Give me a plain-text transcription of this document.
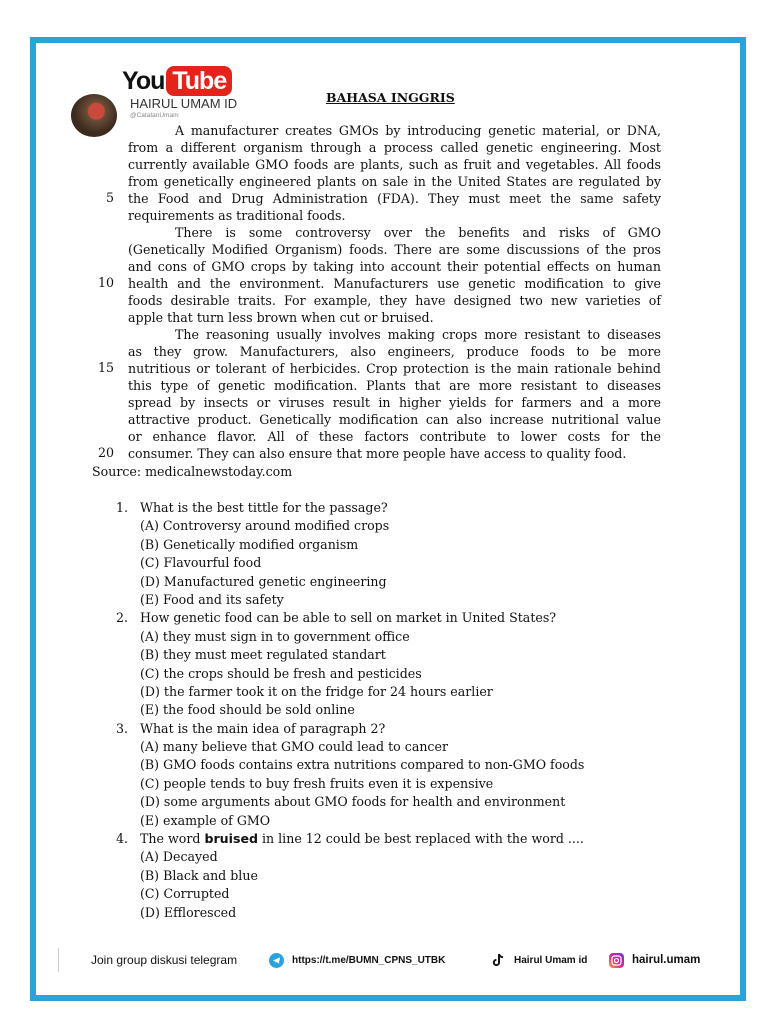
You Tube
HAIRUL UMAM ID
@CatatanUmam
BAHASA INGGRIS
A manufacturer creates GMOs by introducing genetic material, or DNA,
from a different organism through a process called genetic engineering. Most
currently available GMO foods are plants, such as fruit and vegetables. All foods
from genetically engineered plants on sale in the United States are regulated by
the Food and Drug Administration (FDA). They must meet the same safety
requirements as traditional foods.
There is some controversy over the benefits and risks of GMO
(Genetically Modified Organism) foods. There are some discussions of the pros
and cons of GMO crops by taking into account their potential effects on human
health and the environment. Manufacturers use genetic modification to give
foods desirable traits. For example, they have designed two new varieties of
apple that turn less brown when cut or bruised.
The reasoning usually involves making crops more resistant to diseases
as they grow. Manufacturers, also engineers, produce foods to be more
nutritious or tolerant of herbicides. Crop protection is the main rationale behind
this type of genetic modification. Plants that are more resistant to diseases
spread by insects or viruses result in higher yields for farmers and a more
attractive product. Genetically modification can also increase nutritional value
or enhance flavor. All of these factors contribute to lower costs for the
consumer. They can also ensure that more people have access to quality food.
5
10
15
20
Source: medicalnewstoday.com
1. What is the best tittle for the passage?
(A) Controversy around modified crops
(B) Genetically modified organism
(C) Flavourful food
(D) Manufactured genetic engineering
(E) Food and its safety
2. How genetic food can be able to sell on market in United States?
(A) they must sign in to government office
(B) they must meet regulated standart
(C) the crops should be fresh and pesticides
(D) the farmer took it on the fridge for 24 hours earlier
(E) the food should be sold online
3. What is the main idea of paragraph 2?
(A) many believe that GMO could lead to cancer
(B) GMO foods contains extra nutritions compared to non-GMO foods
(C) people tends to buy fresh fruits even it is expensive
(D) some arguments about GMO foods for health and environment
(E) example of GMO
4. The word bruised in line 12 could be best replaced with the word ....
(A) Decayed
(B) Black and blue
(C) Corrupted
(D) Effloresced
Join group diskusi telegram	https://t.me/BUMN_CPNS_UTBK	Hairul Umam id	hairul.umam
